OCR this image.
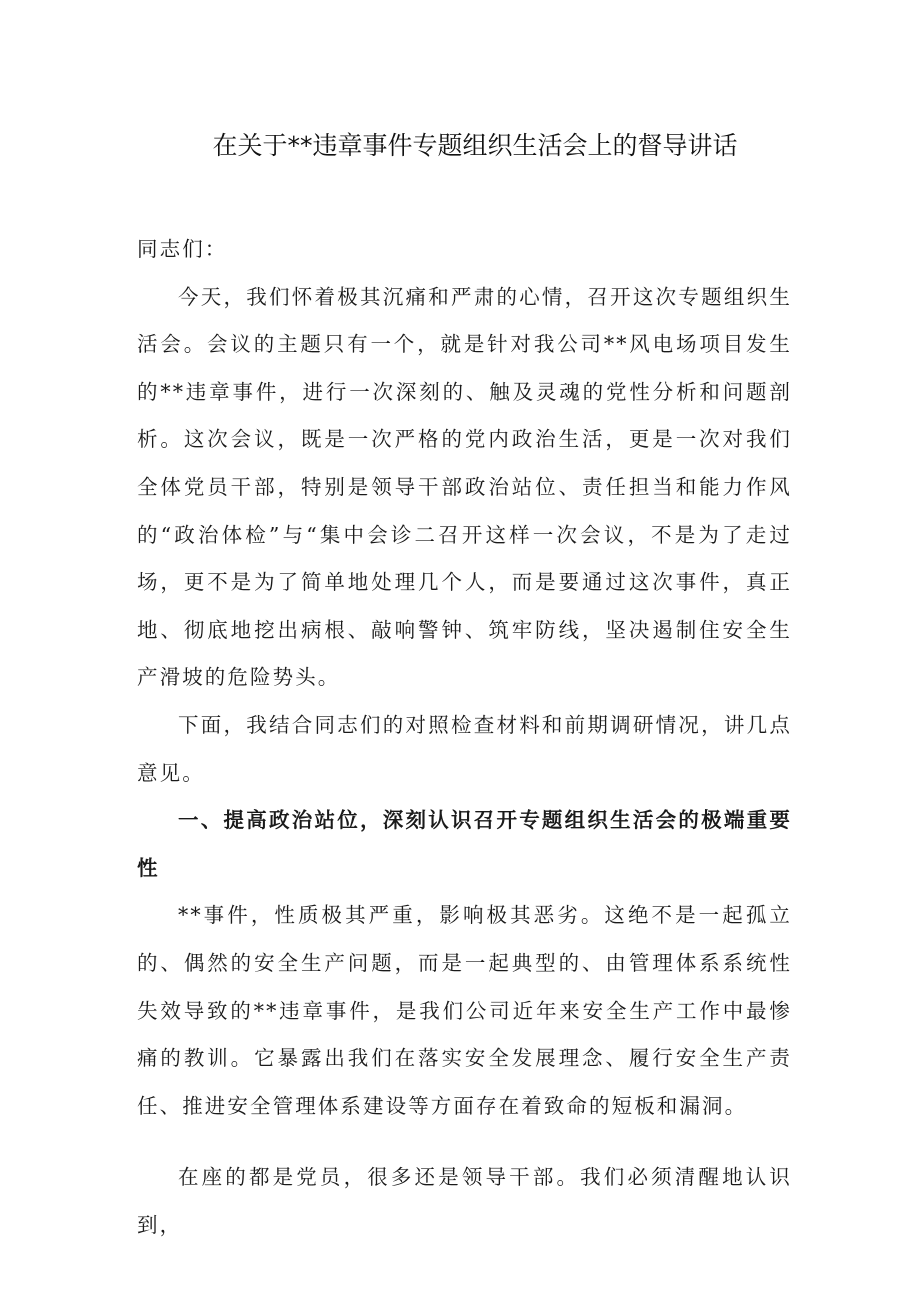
在关于**违章事件专题组织生活会上的督导讲话

同志们：

今天，我们怀着极其沉痛和严肃的心情，召开这次专题组织生活会。会议的主题只有一个，就是针对我公司**风电场项目发生的**违章事件，进行一次深刻的、触及灵魂的党性分析和问题剖析。这次会议，既是一次严格的党内政治生活，更是一次对我们全体党员干部，特别是领导干部政治站位、责任担当和能力作风的“政治体检”与“集中会诊二召开这样一次会议，不是为了走过场，更不是为了简单地处理几个人，而是要通过这次事件，真正地、彻底地挖出病根、敲响警钟、筑牢防线，坚决遏制住安全生产滑坡的危险势头。

下面，我结合同志们的对照检查材料和前期调研情况，讲几点意见。

一、提高政治站位，深刻认识召开专题组织生活会的极端重要性

**事件，性质极其严重，影响极其恶劣。这绝不是一起孤立的、偶然的安全生产问题，而是一起典型的、由管理体系系统性失效导致的**违章事件，是我们公司近年来安全生产工作中最惨痛的教训。它暴露出我们在落实安全发展理念、履行安全生产责任、推进安全管理体系建设等方面存在着致命的短板和漏洞。

在座的都是党员，很多还是领导干部。我们必须清醒地认识到，
